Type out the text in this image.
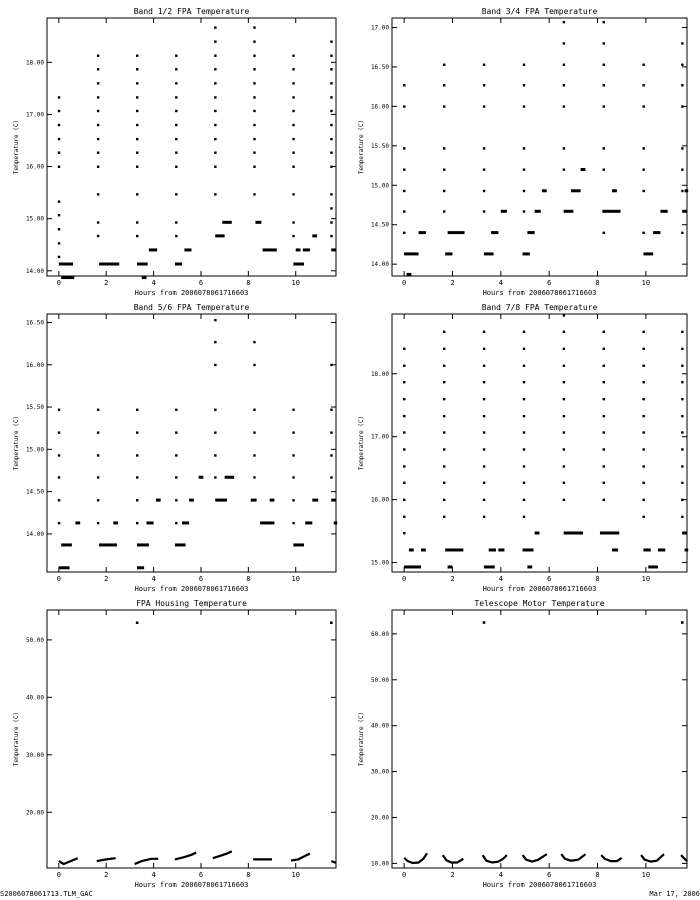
Band 1/2 FPA Temperature
Hours from 2006078061716603
Temperature (C)
0	2	4	6	8	10
14.00
15.00
16.00
17.00
18.00
Band 3/4 FPA Temperature
Hours from 2006078061716603
Temperature (C)
0	2	4	6	8	10
14.00
14.50
15.00
15.50
16.00
16.50
17.00
Band 5/6 FPA Temperature
Hours from 2006078061716603
Temperature (C)
0	2	4	6	8	10
14.00
14.50
15.00
15.50
16.00
16.50
Band 7/8 FPA Temperature
Hours from 2006078061716603
Temperature (C)
0	2	4	6	8	10
15.00
16.00
17.00
18.00
FPA Housing Temperature
Hours from 2006078061716603
Temperature (C)
0	2	4	6	8	10
20.00
30.00
40.00
50.00
Telescope Motor Temperature
Hours from 2006078061716603
Temperature (C)
0	2	4	6	8	10
10.00
20.00
30.00
40.00
50.00
60.00
S2006078061713.TLM_GAC	Mar 17, 2006
